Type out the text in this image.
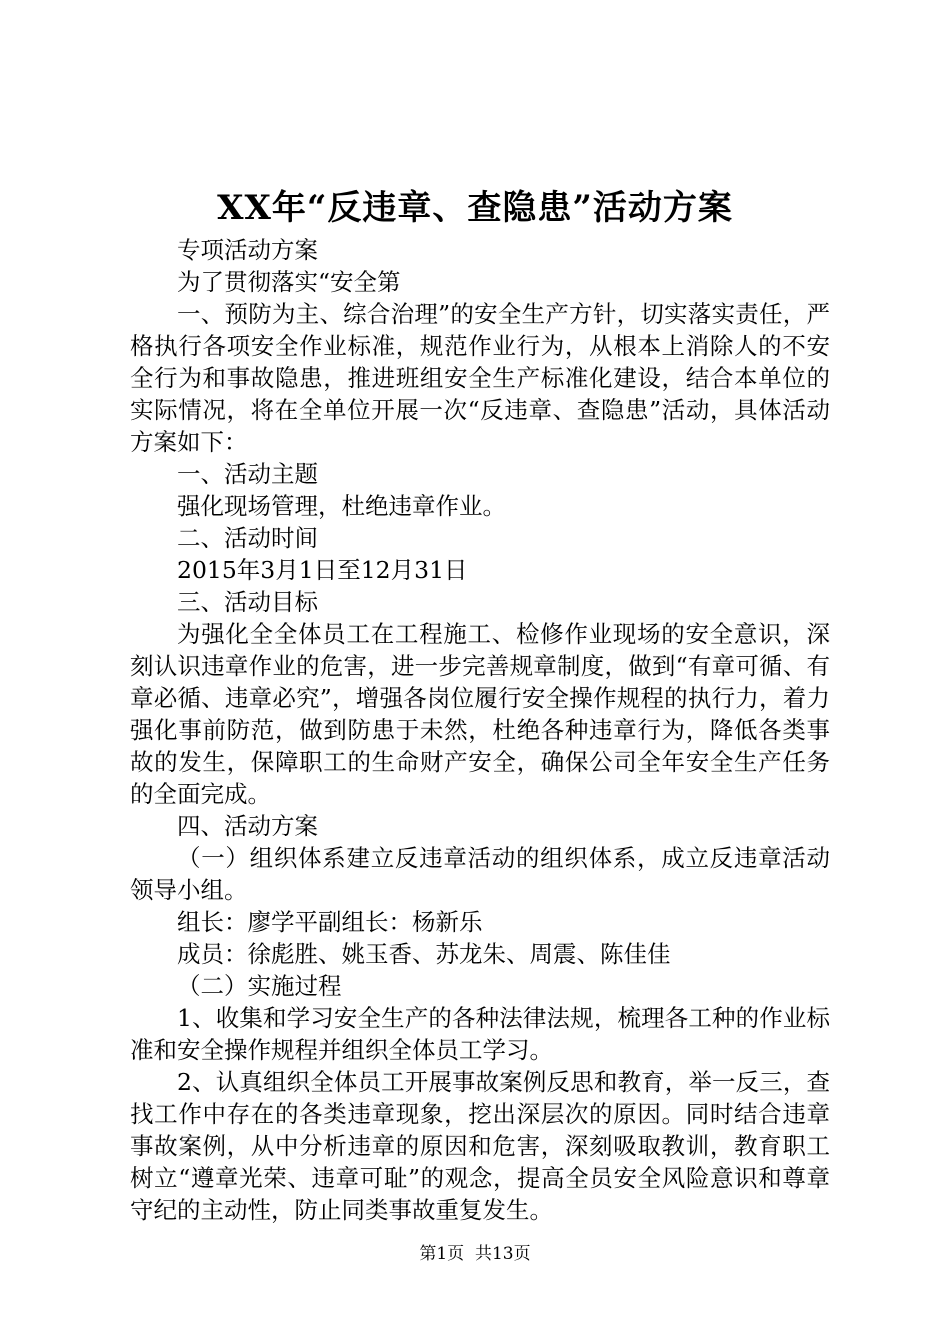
XX年“反违章、查隐患”活动方案

专项活动方案

为了贯彻落实“安全第

一、预防为主、综合治理”的安全生产方针，切实落实责任，严格执行各项安全作业标准，规范作业行为，从根本上消除人的不安全行为和事故隐患，推进班组安全生产标准化建设，结合本单位的实际情况，将在全单位开展一次“反违章、查隐患”活动，具体活动方案如下：

一、活动主题

强化现场管理，杜绝违章作业。

二、活动时间

2015年3月1日至12月31日

三、活动目标

为强化全全体员工在工程施工、检修作业现场的安全意识，深刻认识违章作业的危害，进一步完善规章制度，做到“有章可循、有章必循、违章必究”，增强各岗位履行安全操作规程的执行力，着力强化事前防范，做到防患于未然，杜绝各种违章行为，降低各类事故的发生，保障职工的生命财产安全，确保公司全年安全生产任务的全面完成。

四、活动方案

（一）组织体系建立反违章活动的组织体系，成立反违章活动领导小组。

组长：廖学平副组长：杨新乐

成员：徐彪胜、姚玉香、苏龙朱、周震、陈佳佳

（二）实施过程

1、收集和学习安全生产的各种法律法规，梳理各工种的作业标准和安全操作规程并组织全体员工学习。

2、认真组织全体员工开展事故案例反思和教育，举一反三，查找工作中存在的各类违章现象，挖出深层次的原因。同时结合违章事故案例，从中分析违章的原因和危害，深刻吸取教训，教育职工树立“遵章光荣、违章可耻”的观念，提高全员安全风险意识和尊章守纪的主动性，防止同类事故重复发生。

第1页  共13页
